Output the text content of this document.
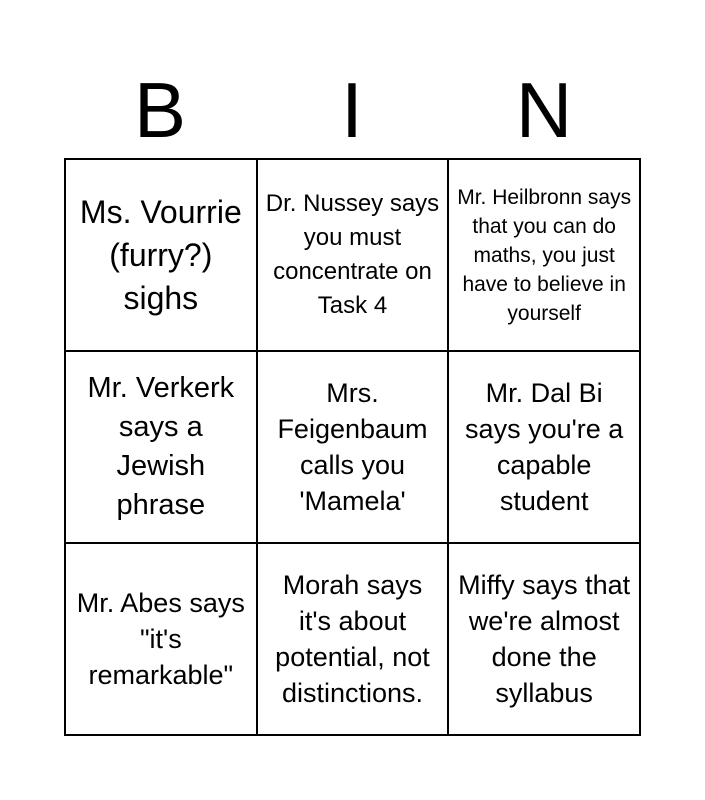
B	I	N
Ms. Vourrie (furry?) sighs
Dr. Nussey says you must concentrate on Task 4
Mr. Heilbronn says that you can do maths, you just have to believe in yourself
Mr. Verkerk says a Jewish phrase
Mrs. Feigenbaum calls you 'Mamela'
Mr. Dal Bi says you're a capable student
Mr. Abes says "it's remarkable"
Morah says it's about potential, not distinctions.
Miffy says that we're almost done the syllabus
